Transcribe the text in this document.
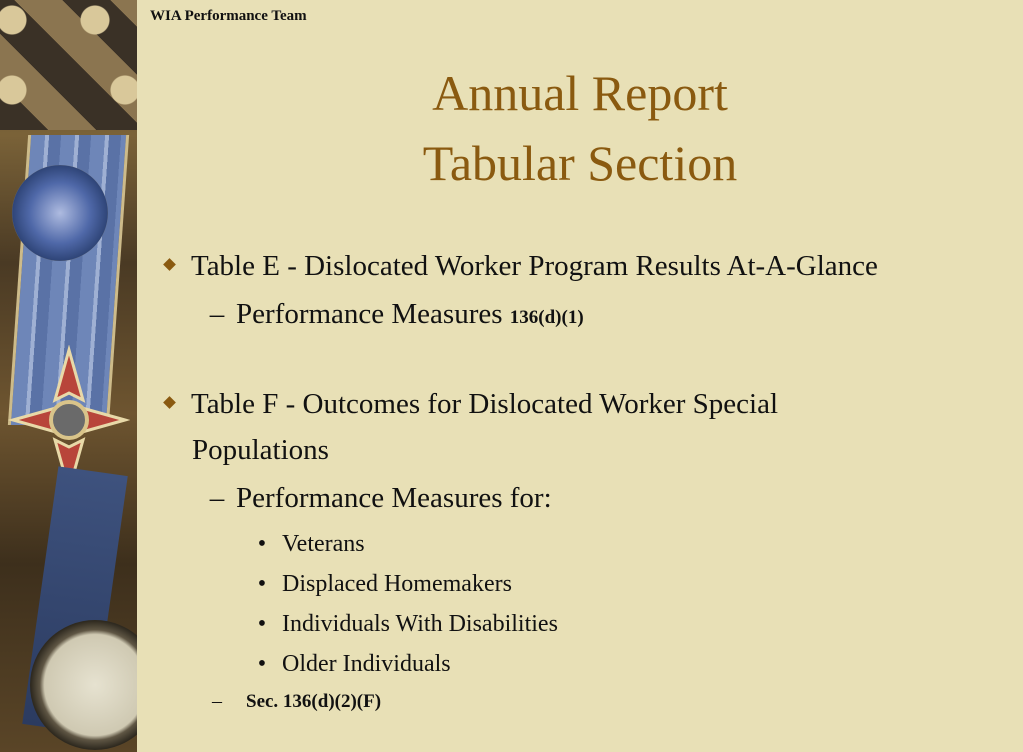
WIA Performance Team
Annual Report
Tabular Section
Table E - Dislocated Worker Program Results At-A-Glance
– Performance Measures 136(d)(1)
Table F - Outcomes for Dislocated Worker Special
Populations
– Performance Measures for:
• Veterans
• Displaced Homemakers
• Individuals With Disabilities
• Older Individuals
– Sec. 136(d)(2)(F)
